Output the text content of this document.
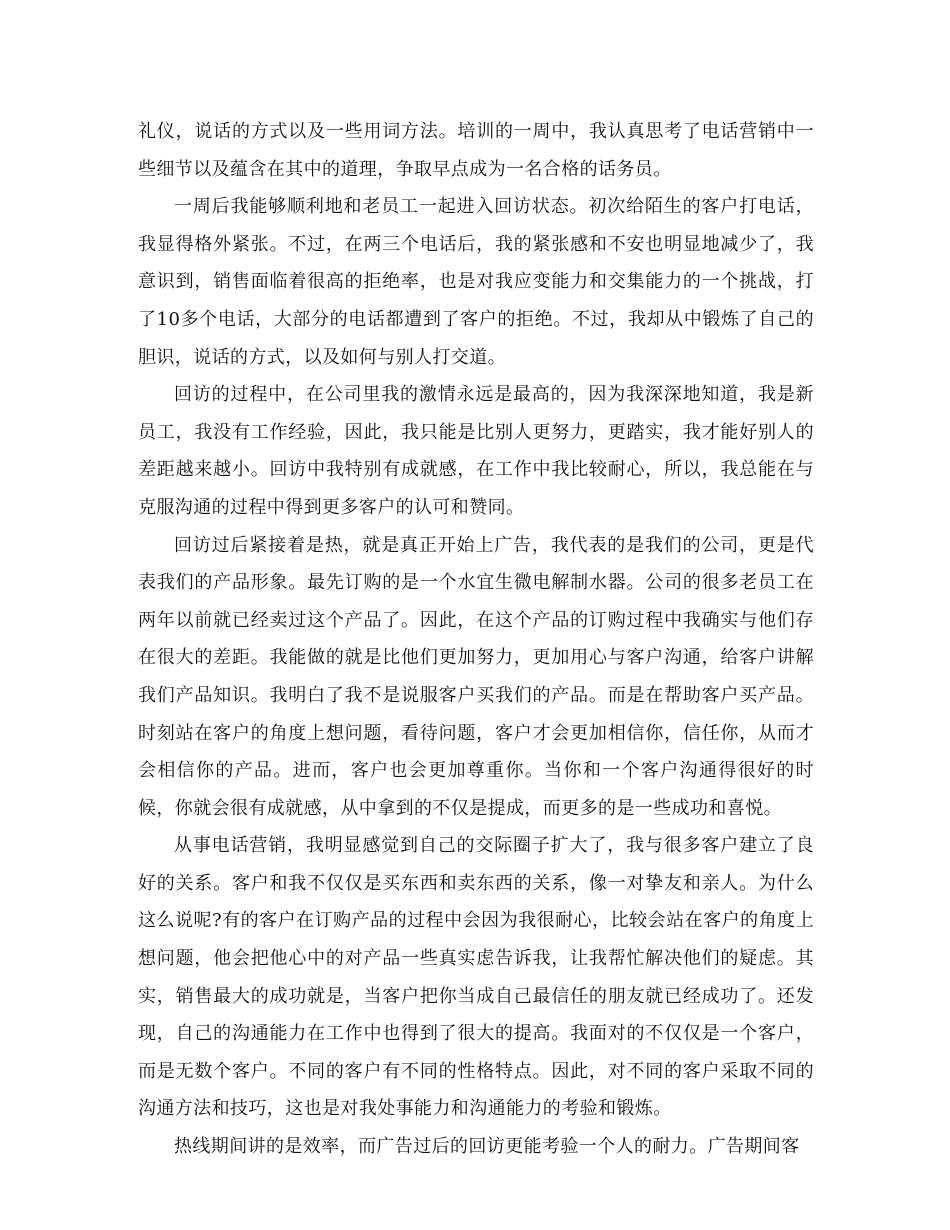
礼仪，说话的方式以及一些用词方法。培训的一周中，我认真思考了电话营销中一些细节以及蕴含在其中的道理，争取早点成为一名合格的话务员。

一周后我能够顺利地和老员工一起进入回访状态。初次给陌生的客户打电话，我显得格外紧张。不过，在两三个电话后，我的紧张感和不安也明显地减少了，我意识到，销售面临着很高的拒绝率，也是对我应变能力和交集能力的一个挑战，打了10多个电话，大部分的电话都遭到了客户的拒绝。不过，我却从中锻炼了自己的胆识，说话的方式，以及如何与别人打交道。

回访的过程中，在公司里我的激情永远是最高的，因为我深深地知道，我是新员工，我没有工作经验，因此，我只能是比别人更努力，更踏实，我才能好别人的差距越来越小。回访中我特别有成就感，在工作中我比较耐心，所以，我总能在与克服沟通的过程中得到更多客户的认可和赞同。

回访过后紧接着是热，就是真正开始上广告，我代表的是我们的公司，更是代表我们的产品形象。最先订购的是一个水宜生微电解制水器。公司的很多老员工在两年以前就已经卖过这个产品了。因此，在这个产品的订购过程中我确实与他们存在很大的差距。我能做的就是比他们更加努力，更加用心与客户沟通，给客户讲解我们产品知识。我明白了我不是说服客户买我们的产品。而是在帮助客户买产品。时刻站在客户的角度上想问题，看待问题，客户才会更加相信你，信任你，从而才会相信你的产品。进而，客户也会更加尊重你。当你和一个客户沟通得很好的时候，你就会很有成就感，从中拿到的不仅是提成，而更多的是一些成功和喜悦。

从事电话营销，我明显感觉到自己的交际圈子扩大了，我与很多客户建立了良好的关系。客户和我不仅仅是买东西和卖东西的关系，像一对挚友和亲人。为什么这么说呢?有的客户在订购产品的过程中会因为我很耐心，比较会站在客户的角度上想问题，他会把他心中的对产品一些真实虑告诉我，让我帮忙解决他们的疑虑。其实，销售最大的成功就是，当客户把你当成自己最信任的朋友就已经成功了。还发现，自己的沟通能力在工作中也得到了很大的提高。我面对的不仅仅是一个客户，而是无数个客户。不同的客户有不同的性格特点。因此，对不同的客户采取不同的沟通方法和技巧，这也是对我处事能力和沟通能力的考验和锻炼。

热线期间讲的是效率，而广告过后的回访更能考验一个人的耐力。广告期间客
